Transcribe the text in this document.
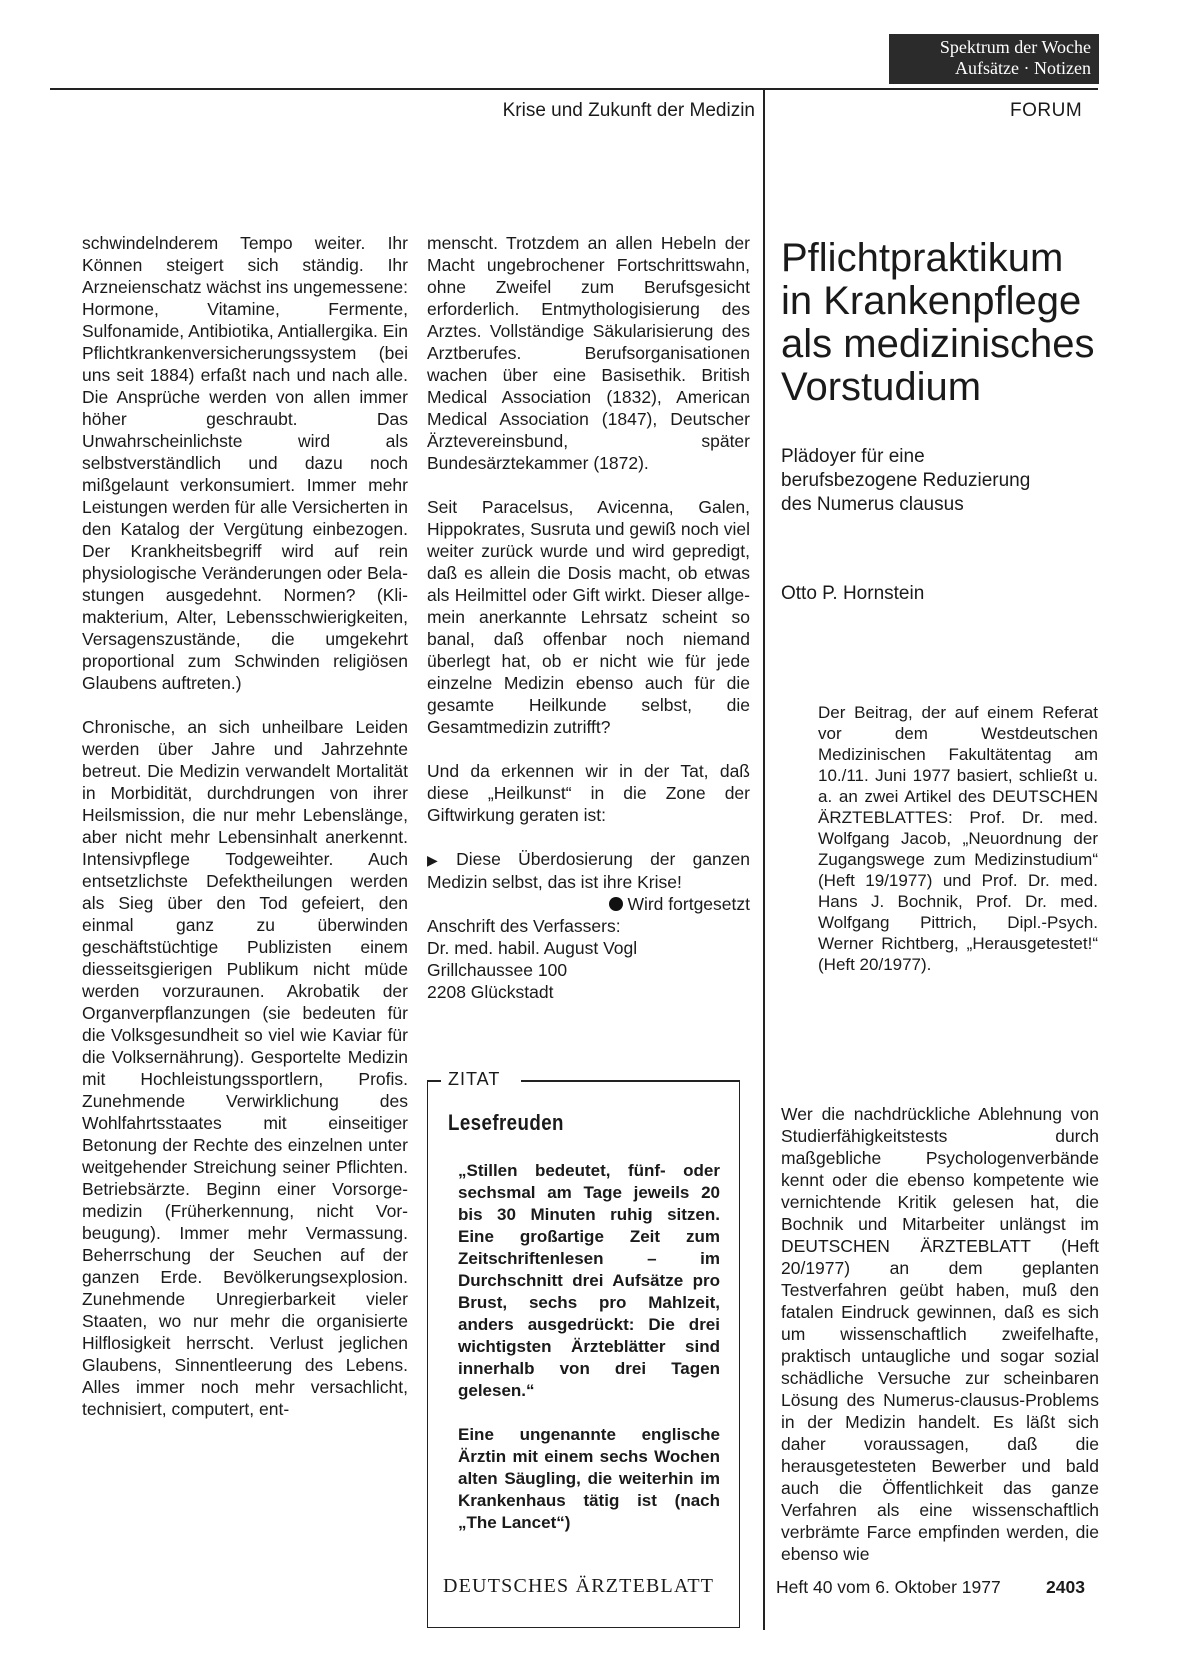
Spektrum der Woche
Aufsätze · Notizen
Krise und Zukunft der Medizin	FORUM

schwindelnderem Tempo weiter. Ihr Können steigert sich ständig. Ihr Arzneienschatz wächst ins ungemessene: Hormone, Vitamine, Fermente, Sulfonamide, Antibiotika, Antiallergika. Ein Pflichtkrankenversicherungssystem (bei uns seit 1884) erfaßt nach und nach alle. Die Ansprüche werden von allen immer höher geschraubt. Das Unwahrscheinlichste wird als selbstverständlich und dazu noch mißgelaunt verkonsumiert. Immer mehr Leistungen werden für alle Versicherten in den Katalog der Vergütung einbezogen. Der Krankheitsbegriff wird auf rein physiologische Veränderungen oder Belastungen ausgedehnt. Normen? (Klimakterium, Alter, Lebensschwierigkeiten, Versagenszustände, die umgekehrt proportional zum Schwinden religiösen Glaubens auftreten.)

Chronische, an sich unheilbare Leiden werden über Jahre und Jahrzehnte betreut. Die Medizin verwandelt Mortalität in Morbidität, durchdrungen von ihrer Heilsmission, die nur mehr Lebenslänge, aber nicht mehr Lebensinhalt anerkennt. Intensivpflege Todgeweihter. Auch entsetzlichste Defektheilungen werden als Sieg über den Tod gefeiert, den einmal ganz zu überwinden geschäftstüchtige Publizisten einem diesseitsgierigen Publikum nicht müde werden vorzuraunen. Akrobatik der Organverpflanzungen (sie bedeuten für die Volksgesundheit so viel wie Kaviar für die Volksernährung). Gesportelte Medizin mit Hochleistungssportlern, Profis. Zunehmende Verwirklichung des Wohlfahrtsstaates mit einseitiger Betonung der Rechte des einzelnen unter weitgehender Streichung seiner Pflichten. Betriebsärzte. Beginn einer Vorsorgemedizin (Früherkennung, nicht Vorbeugung). Immer mehr Vermassung. Beherrschung der Seuchen auf der ganzen Erde. Bevölkerungsexplosion. Zunehmende Unregierbarkeit vieler Staaten, wo nur mehr die organisierte Hilflosigkeit herrscht. Verlust jeglichen Glaubens, Sinnentleerung des Lebens. Alles immer noch mehr versachlicht, technisiert, computert, ent-

menscht. Trotzdem an allen Hebeln der Macht ungebrochener Fortschrittswahn, ohne Zweifel zum Berufsgesicht erforderlich. Entmythologisierung des Arztes. Vollständige Säkularisierung des Arztberufes. Berufsorganisationen wachen über eine Basisethik. British Medical Association (1832), American Medical Association (1847), Deutscher Ärztevereinsbund, später Bundesärztekammer (1872).

Seit Paracelsus, Avicenna, Galen, Hippokrates, Susruta und gewiß noch viel weiter zurück wurde und wird gepredigt, daß es allein die Dosis macht, ob etwas als Heilmittel oder Gift wirkt. Dieser allgemein anerkannte Lehrsatz scheint so banal, daß offenbar noch niemand überlegt hat, ob er nicht wie für jede einzelne Medizin ebenso auch für die gesamte Heilkunde selbst, die Gesamtmedizin zutrifft?

Und da erkennen wir in der Tat, daß diese „Heilkunst“ in die Zone der Giftwirkung geraten ist:

▶ Diese Überdosierung der ganzen Medizin selbst, das ist ihre Krise!

Wird fortgesetzt

Anschrift des Verfassers:
Dr. med. habil. August Vogl
Grillchaussee 100
2208 Glückstadt
ZITAT
Lesefreuden

„Stillen bedeutet, fünf- oder sechsmal am Tage jeweils 20 bis 30 Minuten ruhig sitzen. Eine großartige Zeit zum Zeitschriftenlesen – im Durchschnitt drei Aufsätze pro Brust, sechs pro Mahlzeit, anders ausgedrückt: Die drei wichtigsten Ärzteblätter sind innerhalb von drei Tagen gelesen.“

Eine ungenannte englische Ärztin mit einem sechs Wochen alten Säugling, die weiterhin im Krankenhaus tätig ist (nach „The Lancet“)

Pflichtpraktikum
in Krankenpflege
als medizinisches
Vorstudium
Plädoyer für eine
berufsbezogene Reduzierung
des Numerus clausus
Otto P. Hornstein
Der Beitrag, der auf einem Referat vor dem Westdeutschen Medizinischen Fakultätentag am 10./11. Juni 1977 basiert, schließt u. a. an zwei Artikel des DEUTSCHEN ÄRZTEBLATTES: Prof. Dr. med. Wolfgang Jacob, „Neuordnung der Zugangswege zum Medizinstudium“ (Heft 19/1977) und Prof. Dr. med. Hans J. Bochnik, Prof. Dr. med. Wolfgang Pittrich, Dipl.-Psych. Werner Richtberg, „Herausgetestet!“ (Heft 20/1977).
Wer die nachdrückliche Ablehnung von Studierfähigkeitstests durch maßgebliche Psychologenverbände kennt oder die ebenso kompetente wie vernichtende Kritik gelesen hat, die Bochnik und Mitarbeiter unlängst im DEUTSCHEN ÄRZTEBLATT (Heft 20/1977) an dem geplanten Testverfahren geübt haben, muß den fatalen Eindruck gewinnen, daß es sich um wissenschaftlich zweifelhafte, praktisch untaugliche und sogar sozial schädliche Versuche zur scheinbaren Lösung des Numerus-clausus-Problems in der Medizin handelt. Es läßt sich daher voraussagen, daß die herausgetesteten Bewerber und bald auch die Öffentlichkeit das ganze Verfahren als eine wissenschaftlich verbrämte Farce empfinden werden, die ebenso wie
DEUTSCHES ÄRZTEBLATT	Heft 40 vom 6. Oktober 1977	2403
